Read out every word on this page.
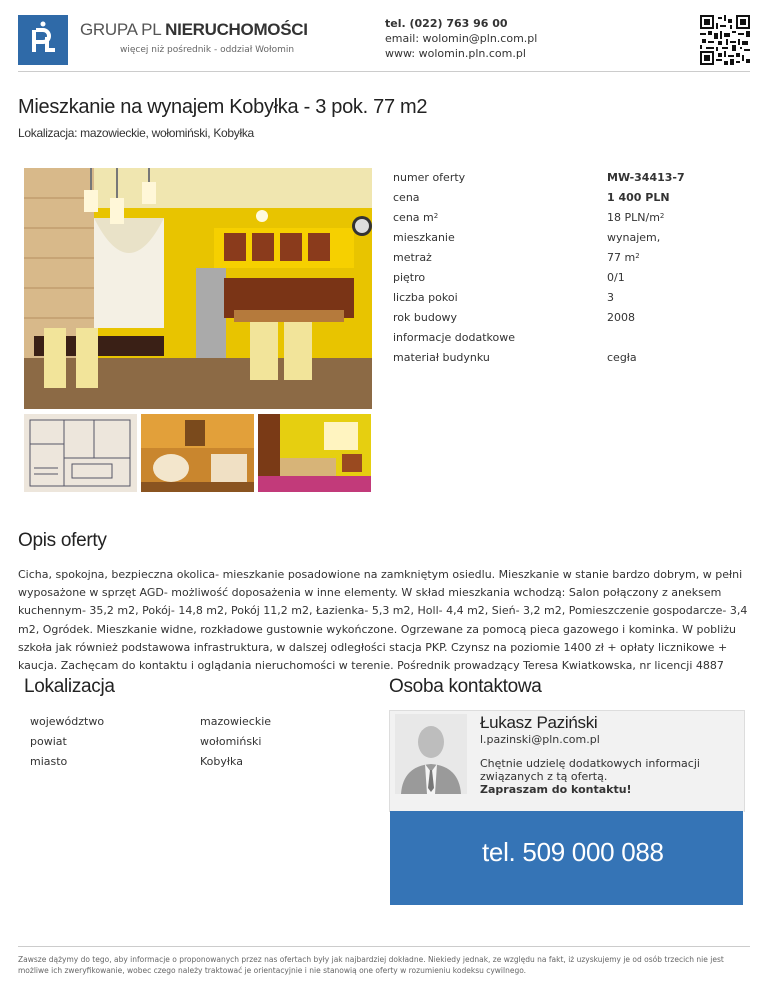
GRUPA PL NIERUCHOMOŚCI
więcej niż pośrednik - oddział Wołomin
tel. (022) 763 96 00
email: wolomin@pln.com.pl
www: wolomin.pln.com.pl
Mieszkanie na wynajem Kobyłka - 3 pok. 77 m2
Lokalizacja: mazowieckie, wołomiński, Kobyłka
numer oferty	MW-34413-7
cena	1 400 PLN
cena $m^2$	18 PLN/$m^2$
mieszkanie	wynajem,
metraż	77 $m^2$
piętro	0/1
liczba pokoi	3
rok budowy	2008
informacje dodatkowe
materiał budynku	cegła
Opis oferty
Cicha, spokojna, bezpieczna okolica- mieszkanie posadowione na zamkniętym osiedlu. Mieszkanie w stanie bardzo dobrym, w pełni wyposażone w sprzęt AGD- możliwość doposażenia w inne elementy. W skład mieszkania wchodzą: Salon połączony z aneksem kuchennym- 35,2 m2, Pokój- 14,8 m2, Pokój 11,2 m2, Łazienka- 5,3 m2, Holl- 4,4 m2, Sień- 3,2 m2, Pomieszczenie gospodarcze- 3,4 m2, Ogródek. Mieszkanie widne, rozkładowe gustownie wykończone. Ogrzewane za pomocą pieca gazowego i kominka. W pobliżu szkoła jak również podstawowa infrastruktura, w dalszej odległości stacja PKP. Czynsz na poziomie 1400 zł + opłaty licznikowe + kaucja. Zachęcam do kontaktu i oglądania nieruchomości w terenie. Pośrednik prowadzący Teresa Kwiatkowska, nr licencji 4887
Lokalizacja
województwo	mazowieckie
powiat	wołomiński
miasto	Kobyłka
Osoba kontaktowa
Łukasz Paziński
l.pazinski@pln.com.pl
Chętnie udzielę dodatkowych informacji związanych z tą ofertą.
Zapraszam do kontaktu!
tel. 509 000 088
Zawsze dążymy do tego, aby informacje o proponowanych przez nas ofertach były jak najbardziej dokładne. Niekiedy jednak, ze względu na fakt, iż uzyskujemy je od osób trzecich nie jest możliwe ich zweryfikowanie, wobec czego należy traktować je orientacyjnie i nie stanowią one oferty w rozumieniu kodeksu cywilnego.
